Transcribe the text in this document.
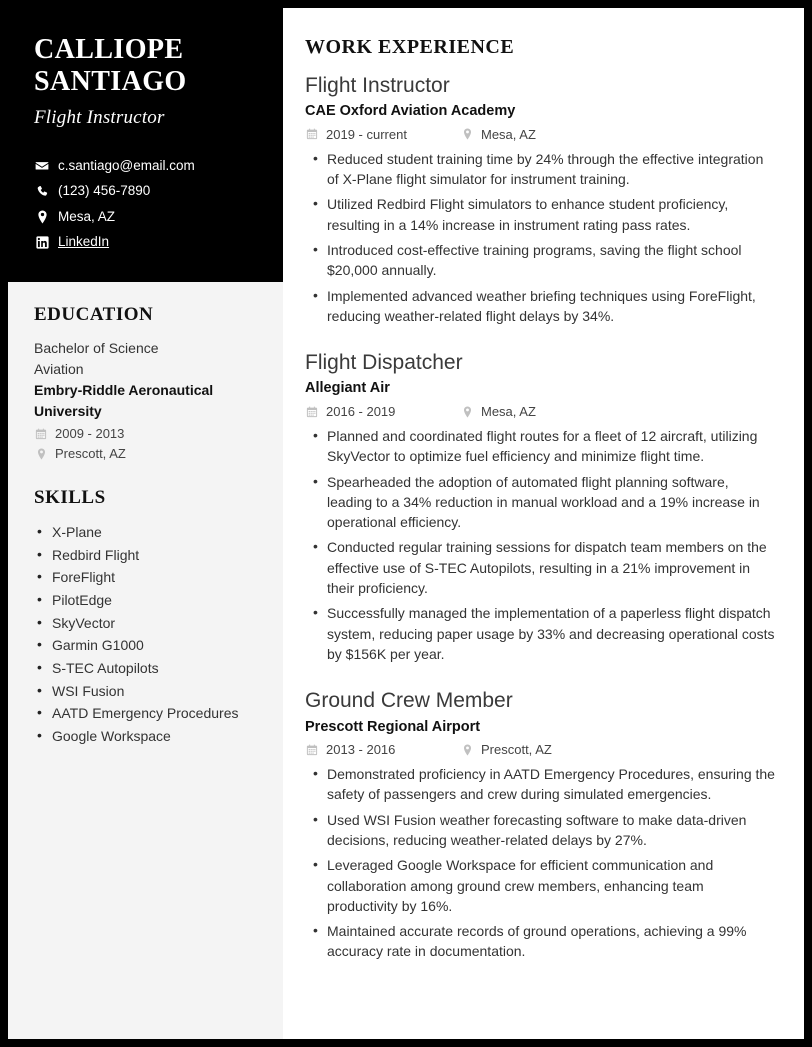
CALLIOPE
SANTIAGO
Flight Instructor
c.santiago@email.com
(123) 456-7890
Mesa, AZ
LinkedIn
EDUCATION
Bachelor of Science
Aviation
Embry-Riddle Aeronautical University
2009 - 2013
Prescott, AZ
SKILLS
• X-Plane
• Redbird Flight
• ForeFlight
• PilotEdge
• SkyVector
• Garmin G1000
• S-TEC Autopilots
• WSI Fusion
• AATD Emergency Procedures
• Google Workspace
WORK EXPERIENCE
Flight Instructor
CAE Oxford Aviation Academy
2019 - current	Mesa, AZ
• Reduced student training time by 24% through the effective integration of X-Plane flight simulator for instrument training.
• Utilized Redbird Flight simulators to enhance student proficiency, resulting in a 14% increase in instrument rating pass rates.
• Introduced cost-effective training programs, saving the flight school $20,000 annually.
• Implemented advanced weather briefing techniques using ForeFlight, reducing weather-related flight delays by 34%.
Flight Dispatcher
Allegiant Air
2016 - 2019	Mesa, AZ
• Planned and coordinated flight routes for a fleet of 12 aircraft, utilizing SkyVector to optimize fuel efficiency and minimize flight time.
• Spearheaded the adoption of automated flight planning software, leading to a 34% reduction in manual workload and a 19% increase in operational efficiency.
• Conducted regular training sessions for dispatch team members on the effective use of S-TEC Autopilots, resulting in a 21% improvement in their proficiency.
• Successfully managed the implementation of a paperless flight dispatch system, reducing paper usage by 33% and decreasing operational costs by $156K per year.
Ground Crew Member
Prescott Regional Airport
2013 - 2016	Prescott, AZ
• Demonstrated proficiency in AATD Emergency Procedures, ensuring the safety of passengers and crew during simulated emergencies.
• Used WSI Fusion weather forecasting software to make data-driven decisions, reducing weather-related delays by 27%.
• Leveraged Google Workspace for efficient communication and collaboration among ground crew members, enhancing team productivity by 16%.
• Maintained accurate records of ground operations, achieving a 99% accuracy rate in documentation.
